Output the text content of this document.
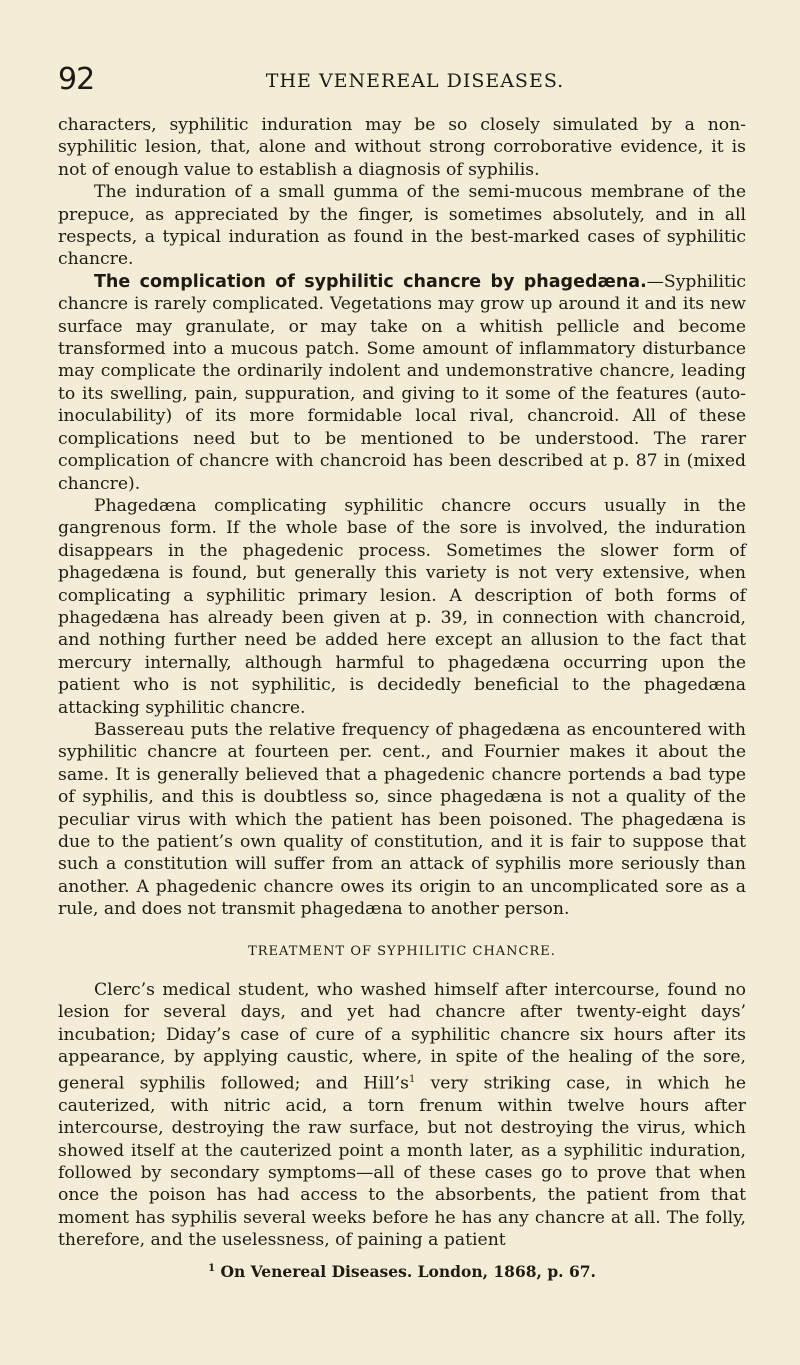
92	THE VENEREAL DISEASES.

characters, syphilitic induration may be so closely simulated by a non-syphilitic lesion, that, alone and without strong corroborative evidence, it is not of enough value to establish a diagnosis of syphilis.

The induration of a small gumma of the semi-mucous membrane of the prepuce, as appreciated by the finger, is sometimes absolutely, and in all respects, a typical induration as found in the best-marked cases of syphilitic chancre.

The complication of syphilitic chancre by phagedæna.—Syphilitic chancre is rarely complicated. Vegetations may grow up around it and its new surface may granulate, or may take on a whitish pellicle and become transformed into a mucous patch. Some amount of inflammatory disturbance may complicate the ordinarily indolent and undemonstrative chancre, leading to its swelling, pain, suppuration, and giving to it some of the features (auto-inoculability) of its more formidable local rival, chancroid. All of these complications need but to be mentioned to be understood. The rarer complication of chancre with chancroid has been described at p. 87 in (mixed chancre).

Phagedæna complicating syphilitic chancre occurs usually in the gangrenous form. If the whole base of the sore is involved, the induration disappears in the phagedenic process. Sometimes the slower form of phagedæna is found, but generally this variety is not very extensive, when complicating a syphilitic primary lesion. A description of both forms of phagedæna has already been given at p. 39, in connection with chancroid, and nothing further need be added here except an allusion to the fact that mercury internally, although harmful to phagedæna occurring upon the patient who is not syphilitic, is decidedly beneficial to the phagedæna attacking syphilitic chancre.

Bassereau puts the relative frequency of phagedæna as encountered with syphilitic chancre at fourteen per. cent., and Fournier makes it about the same. It is generally believed that a phagedenic chancre portends a bad type of syphilis, and this is doubtless so, since phagedæna is not a quality of the peculiar virus with which the patient has been poisoned. The phagedæna is due to the patient’s own quality of constitution, and it is fair to suppose that such a constitution will suffer from an attack of syphilis more seriously than another. A phagedenic chancre owes its origin to an uncomplicated sore as a rule, and does not transmit phagedæna to another person.

TREATMENT OF SYPHILITIC CHANCRE.

Clerc’s medical student, who washed himself after intercourse, found no lesion for several days, and yet had chancre after twenty-eight days’ incubation; Diday’s case of cure of a syphilitic chancre six hours after its appearance, by applying caustic, where, in spite of the healing of the sore, general syphilis followed; and $Hill’s^1$ very striking case, in which he cauterized, with nitric acid, a torn frenum within twelve hours after intercourse, destroying the raw surface, but not destroying the virus, which showed itself at the cauterized point a month later, as a syphilitic induration, followed by secondary symptoms—all of these cases go to prove that when once the poison has had access to the absorbents, the patient from that moment has syphilis several weeks before he has any chancre at all. The folly, therefore, and the uselessness, of paining a patient

$^1$ On Venereal Diseases. London, 1868, p. 67.
